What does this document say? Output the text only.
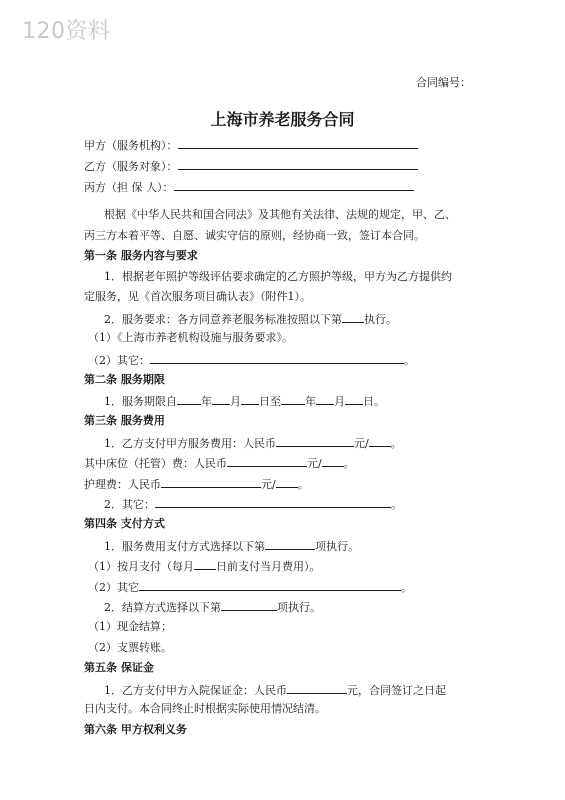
120资料
合同编号：
上海市养老服务合同
甲方（服务机构）：
乙方（服务对象）：
丙方（担 保 人）：
根据《中华人民共和国合同法》及其他有关法律、法规的规定，甲、乙、
丙三方本着平等、自愿、诚实守信的原则，经协商一致，签订本合同。
第一条 服务内容与要求
1．根据老年照护等级评估要求确定的乙方照护等级，甲方为乙方提供约
定服务，见《首次服务项目确认表》（附件1）。
2．服务要求：各方同意养老服务标准按照以下第 执行。
（1）《上海市养老机构设施与服务要求》。
（2）其它：	。
第二条 服务期限
1．服务期限自 年 月 日至 年 月 日。
第三条 服务费用
1．乙方支付甲方服务费用：人民币	元/ 。
其中床位（托管）费：人民币	元/ 。
护理费：人民币	元/ 。
2．其它：	。
第四条 支付方式
1．服务费用支付方式选择以下第	项执行。
（1）按月支付（每月 日前支付当月费用）。
（2）其它	。
2．结算方式选择以下第	项执行。
（1）现金结算；
（2）支票转账。
第五条 保证金
1．乙方支付甲方入院保证金：人民币	元，合同签订之日起
日内支付。本合同终止时根据实际使用情况结清。
第六条 甲方权利义务
